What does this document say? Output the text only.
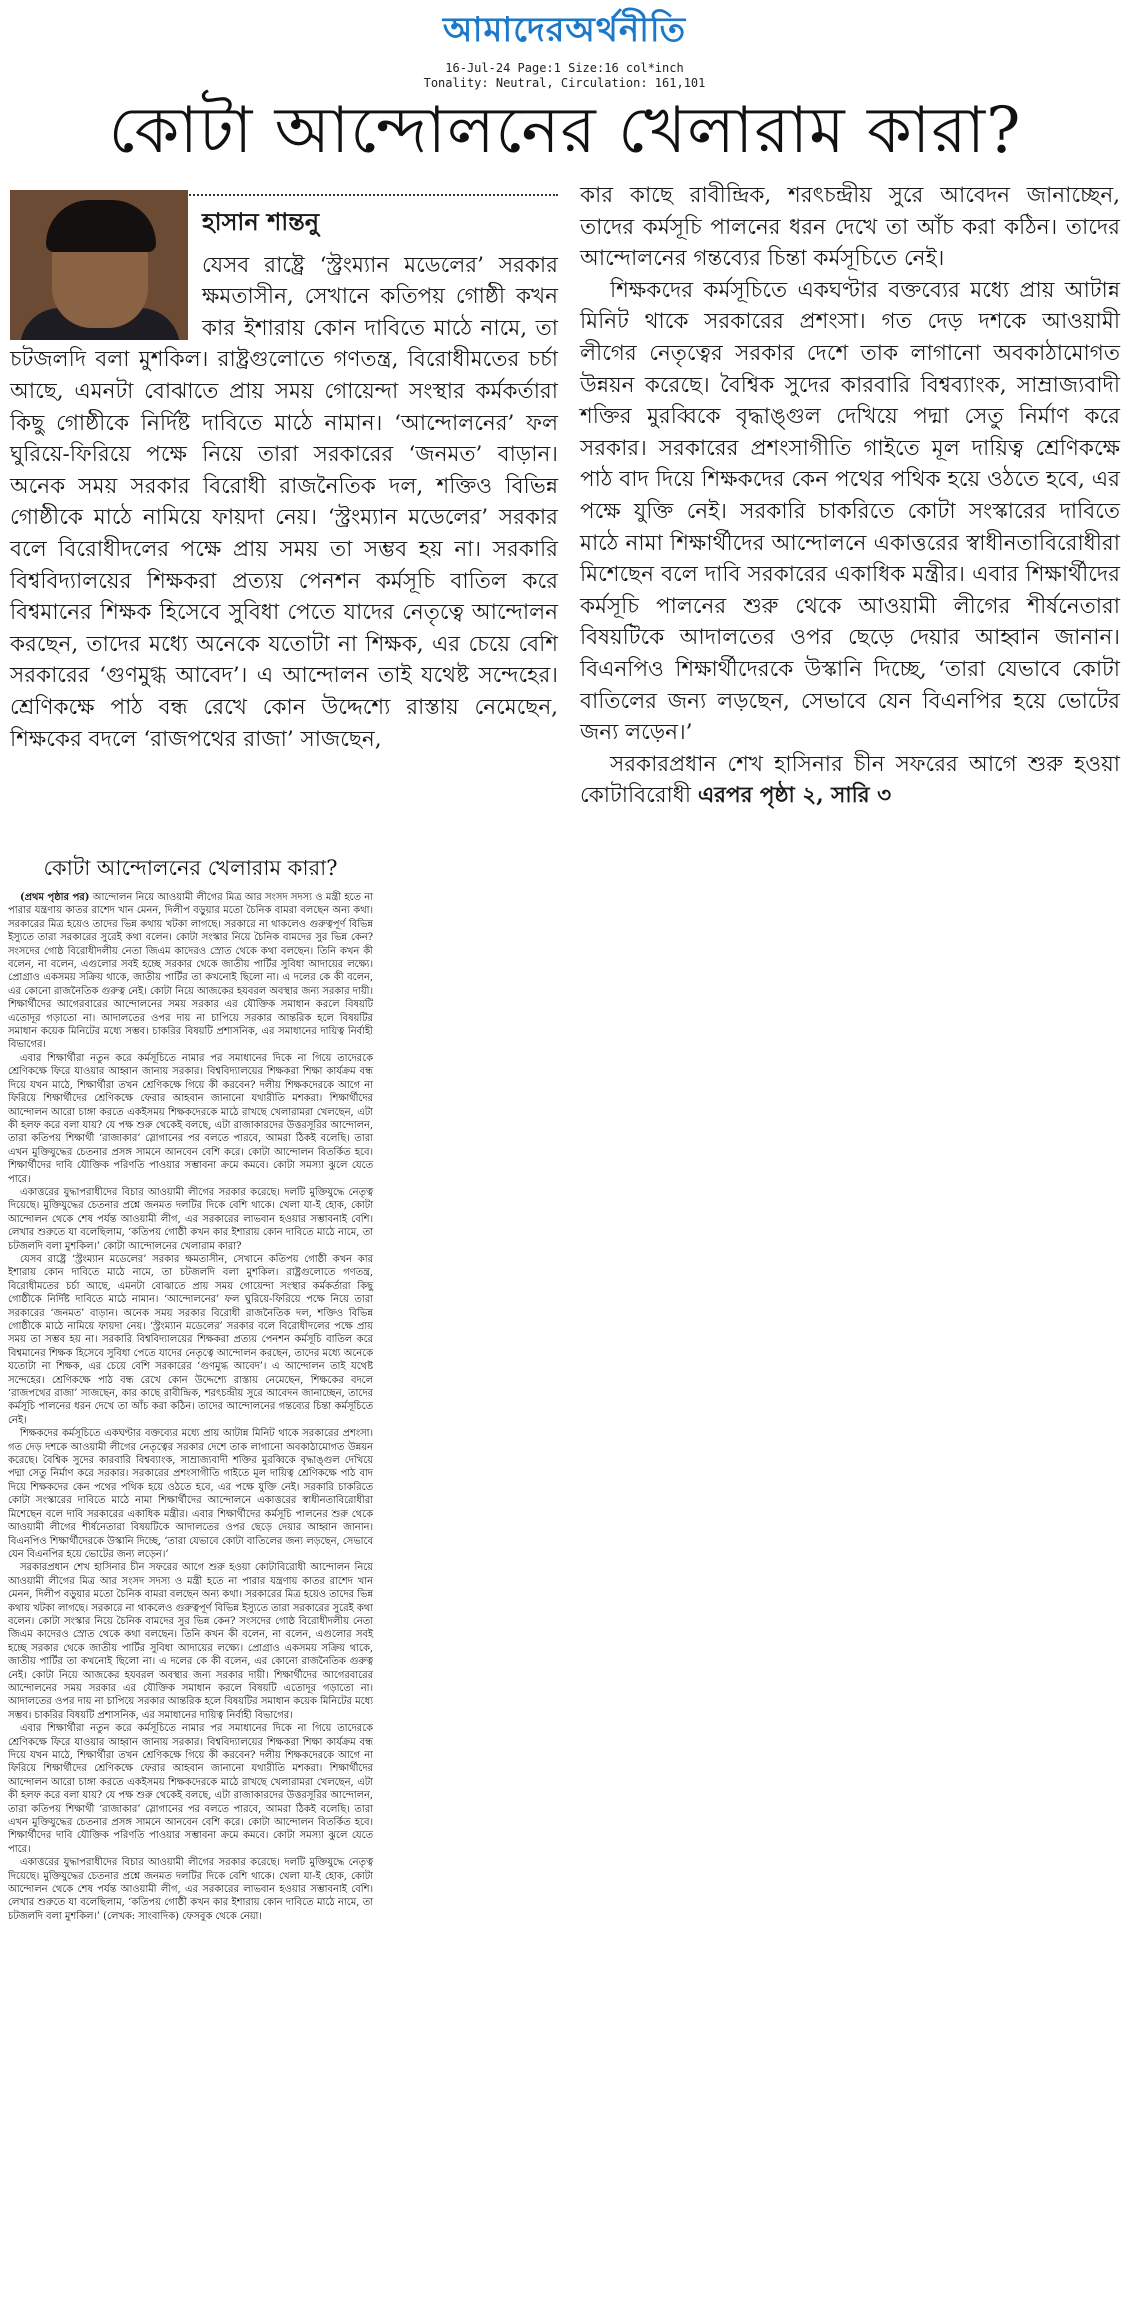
আমাদেরঅর্থনীতি
16-Jul-24 Page:1 Size:16 col*inch
Tonality: Neutral, Circulation: 161,101
কোটা আন্দোলনের খেলারাম কারা?
হাসান শান্তনু

যেসব রাষ্ট্রে ‘স্ট্রংম্যান মডেলের’ সরকার ক্ষমতাসীন, সেখানে কতিপয় গোষ্ঠী কখন কার ইশারায় কোন দাবিতে মাঠে নামে, তা চটজলদি বলা মুশকিল। রাষ্ট্রগুলোতে গণতন্ত্র, বিরোধীমতের চর্চা আছে, এমনটা বোঝাতে প্রায় সময় গোয়েন্দা সংস্থার কর্মকর্তারা কিছু গোষ্ঠীকে নির্দিষ্ট দাবিতে মাঠে নামান। ‘আন্দোলনের’ ফল ঘুরিয়ে-ফিরিয়ে পক্ষে নিয়ে তারা সরকারের ‘জনমত’ বাড়ান। অনেক সময় সরকার বিরোধী রাজনৈতিক দল, শক্তিও বিভিন্ন গোষ্ঠীকে মাঠে নামিয়ে ফায়দা নেয়। ‘স্ট্রংম্যান মডেলের’ সরকার বলে বিরোধীদলের পক্ষে প্রায় সময় তা সম্ভব হয় না। সরকারি বিশ্ববিদ্যালয়ের শিক্ষকরা প্রত্যয় পেনশন কর্মসূচি বাতিল করে বিশ্বমানের শিক্ষক হিসেবে সুবিধা পেতে যাদের নেতৃত্বে আন্দোলন করছেন, তাদের মধ্যে অনেকে যতোটা না শিক্ষক, এর চেয়ে বেশি সরকারের ‘গুণমুগ্ধ আবেদ’। এ আন্দোলন তাই যথেষ্ট সন্দেহের। শ্রেণিকক্ষে পাঠ বন্ধ রেখে কোন উদ্দেশ্যে রাস্তায় নেমেছেন, শিক্ষকের বদলে ‘রাজপথের রাজা’ সাজছেন,

কার কাছে রাবীন্দ্রিক, শরৎচন্দ্রীয় সুরে আবেদন জানাচ্ছেন, তাদের কর্মসূচি পালনের ধরন দেখে তা আঁচ করা কঠিন। তাদের আন্দোলনের গন্তব্যের চিন্তা কর্মসূচিতে নেই।

শিক্ষকদের কর্মসূচিতে একঘণ্টার বক্তব্যের মধ্যে প্রায় আটান্ন মিনিট থাকে সরকারের প্রশংসা। গত দেড় দশকে আওয়ামী লীগের নেতৃত্বের সরকার দেশে তাক লাগানো অবকাঠামোগত উন্নয়ন করেছে। বৈশ্বিক সুদের কারবারি বিশ্বব্যাংক, সাম্রাজ্যবাদী শক্তির মুরব্বিকে বৃদ্ধাঙ্গুল দেখিয়ে পদ্মা সেতু নির্মাণ করে সরকার। সরকারের প্রশংসাগীতি গাইতে মূল দায়িত্ব শ্রেণিকক্ষে পাঠ বাদ দিয়ে শিক্ষকদের কেন পথের পথিক হয়ে ওঠতে হবে, এর পক্ষে যুক্তি নেই। সরকারি চাকরিতে কোটা সংস্কারের দাবিতে মাঠে নামা শিক্ষার্থীদের আন্দোলনে একাত্তরের স্বাধীনতাবিরোধীরা মিশেছেন বলে দাবি সরকারের একাধিক মন্ত্রীর। এবার শিক্ষার্থীদের কর্মসূচি পালনের শুরু থেকে আওয়ামী লীগের শীর্ষনেতারা বিষয়টিকে আদালতের ওপর ছেড়ে দেয়ার আহ্বান জানান। বিএনপিও শিক্ষার্থীদেরকে উস্কানি দিচ্ছে, ‘তারা যেভাবে কোটা বাতিলের জন্য লড়ছেন, সেভাবে যেন বিএনপির হয়ে ভোটের জন্য লড়েন।’

সরকারপ্রধান শেখ হাসিনার চীন সফরের আগে শুরু হওয়া কোটাবিরোধী এরপর পৃষ্ঠা ২, সারি ৩

কোটা আন্দোলনের খেলারাম কারা?

(প্রথম পৃষ্ঠার পর) আন্দোলন নিয়ে আওয়ামী লীগের মিত্র আর সংসদ সদস্য ও মন্ত্রী হতে না পারার যন্ত্রণায় কাতর রাশেদ খান মেনন, দিলীপ বড়ুয়ার মতো চৈনিক বামরা বলছেন অন্য কথা। সরকারের মিত্র হয়েও তাদের ভিন্ন কথায় খটকা লাগছে। সরকারে না থাকলেও গুরুত্বপূর্ণ বিভিন্ন ইস্যুতে তারা সরকারের সুরেই কথা বলেন। কোটা সংস্কার নিয়ে চৈনিক বামদের সুর ভিন্ন কেন? সংসদের গোষ্ঠ বিরোধীদলীয় নেতা জিএম কাদেরও স্রোত থেকে কথা বলছেন। তিনি কখন কী বলেন, না বলেন, এগুলোর সবই হচ্ছে সরকার থেকে জাতীয় পার্টির সুবিধা আদায়ের লক্ষ্যে। প্রোগ্রাও একসময় সক্রিয় থাকে, জাতীয় পার্টির তা কখনোই ছিলো না। এ দলের কে কী বলেন, এর কোনো রাজনৈতিক গুরুত্ব নেই। কোটা নিয়ে আজকের হযবরল অবস্থার জন্য সরকার দায়ী। শিক্ষার্থীদের আগেরবারের আন্দোলনের সময় সরকার এর যৌক্তিক সমাধান করলে বিষয়টি এতোদূর গড়াতো না। আদালতের ওপর দায় না চাপিয়ে সরকার আন্তরিক হলে বিষয়টির সমাধান কয়েক মিনিটের মধ্যে সম্ভব। চাকরির বিষয়টি প্রশাসনিক, এর সমাধানের দায়িত্ব নির্বাহী বিভাগের।

এবার শিক্ষার্থীরা নতুন করে কর্মসূচিতে নামার পর সমাধানের দিকে না গিয়ে তাদেরকে শ্রেণিকক্ষে ফিরে যাওয়ার আহ্বান জানায় সরকার। বিশ্ববিদ্যালয়ের শিক্ষকরা শিক্ষা কার্যক্রম বন্ধ দিয়ে যখন মাঠে, শিক্ষার্থীরা তখন শ্রেণিকক্ষে গিয়ে কী করবেন? দলীয় শিক্ষকদেরকে আগে না ফিরিয়ে শিক্ষার্থীদের শ্রেণিকক্ষে ফেরার আহবান জানানো যথারীতি মশকরা। শিক্ষার্থীদের আন্দোলন আরো চাঙ্গা করতে একইসময় শিক্ষকদেরকে মাঠে রাখছে খেলারামরা খেলছেন, এটা কী হলফ করে বলা যায়? যে পক্ষ শুরু থেকেই বলছে, এটা রাজাকারদের উত্তরসূরির আন্দোলন, তারা কতিপয় শিক্ষার্থী ‘রাজাকার’ স্লোগানের পর বলতে পারবে, আমরা ঠিকই বলেছি। তারা এখন মুক্তিযুদ্ধের চেতনার প্রসঙ্গ সামনে আনবেন বেশি করে। কোটা আন্দোলন বিতর্কিত হবে। শিক্ষার্থীদের দাবি যৌক্তিক পরিণতি পাওয়ার সম্ভাবনা ক্রমে কমবে। কোটা সমস্যা ঝুলে যেতে পারে।

একাত্তরের যুদ্ধাপরাধীদের বিচার আওয়ামী লীগের সরকার করেছে। দলটি মুক্তিযুদ্ধে নেতৃত্ব দিয়েছে। মুক্তিযুদ্ধের চেতনার প্রশ্নে জনমত দলটির দিকে বেশি থাকে। খেলা যা-ই হোক, কোটা আন্দোলন থেকে শেষ পর্যন্ত আওয়ামী লীগ, এর সরকারের লাভবান হওয়ার সম্ভাবনাই বেশি। লেখার শুরুতে যা বলেছিলাম, ‘কতিপয় গোষ্ঠী কখন কার ইশারায় কোন দাবিতে মাঠে নামে, তা চটজলদি বলা মুশকিল।’ কোটা আন্দোলনের খেলারাম কারা?

যেসব রাষ্ট্রে ‘স্ট্রংম্যান মডেলের’ সরকার ক্ষমতাসীন, সেখানে কতিপয় গোষ্ঠী কখন কার ইশারায় কোন দাবিতে মাঠে নামে, তা চটজলদি বলা মুশকিল। রাষ্ট্রগুলোতে গণতন্ত্র, বিরোধীমতের চর্চা আছে, এমনটা বোঝাতে প্রায় সময় গোয়েন্দা সংস্থার কর্মকর্তারা কিছু গোষ্ঠীকে নির্দিষ্ট দাবিতে মাঠে নামান। ‘আন্দোলনের’ ফল ঘুরিয়ে-ফিরিয়ে পক্ষে নিয়ে তারা সরকারের ‘জনমত’ বাড়ান। অনেক সময় সরকার বিরোধী রাজনৈতিক দল, শক্তিও বিভিন্ন গোষ্ঠীকে মাঠে নামিয়ে ফায়দা নেয়। ‘স্ট্রংম্যান মডেলের’ সরকার বলে বিরোধীদলের পক্ষে প্রায় সময় তা সম্ভব হয় না। সরকারি বিশ্ববিদ্যালয়ের শিক্ষকরা প্রত্যয় পেনশন কর্মসূচি বাতিল করে বিশ্বমানের শিক্ষক হিসেবে সুবিধা পেতে যাদের নেতৃত্বে আন্দোলন করছেন, তাদের মধ্যে অনেকে যতোটা না শিক্ষক, এর চেয়ে বেশি সরকারের ‘গুণমুগ্ধ আবেদ’। এ আন্দোলন তাই যথেষ্ট সন্দেহের। শ্রেণিকক্ষে পাঠ বন্ধ রেখে কোন উদ্দেশ্যে রাস্তায় নেমেছেন, শিক্ষকের বদলে ‘রাজপথের রাজা’ সাজছেন, কার কাছে রাবীন্দ্রিক, শরৎচন্দ্রীয় সুরে আবেদন জানাচ্ছেন, তাদের কর্মসূচি পালনের ধরন দেখে তা আঁচ করা কঠিন। তাদের আন্দোলনের গন্তব্যের চিন্তা কর্মসূচিতে নেই।

শিক্ষকদের কর্মসূচিতে একঘণ্টার বক্তব্যের মধ্যে প্রায় আটান্ন মিনিট থাকে সরকারের প্রশংসা। গত দেড় দশকে আওয়ামী লীগের নেতৃত্বের সরকার দেশে তাক লাগানো অবকাঠামোগত উন্নয়ন করেছে। বৈশ্বিক সুদের কারবারি বিশ্বব্যাংক, সাম্রাজ্যবাদী শক্তির মুরব্বিকে বৃদ্ধাঙ্গুল দেখিয়ে পদ্মা সেতু নির্মাণ করে সরকার। সরকারের প্রশংসাগীতি গাইতে মূল দায়িত্ব শ্রেণিকক্ষে পাঠ বাদ দিয়ে শিক্ষকদের কেন পথের পথিক হয়ে ওঠতে হবে, এর পক্ষে যুক্তি নেই। সরকারি চাকরিতে কোটা সংস্কারের দাবিতে মাঠে নামা শিক্ষার্থীদের আন্দোলনে একাত্তরের স্বাধীনতাবিরোধীরা মিশেছেন বলে দাবি সরকারের একাধিক মন্ত্রীর। এবার শিক্ষার্থীদের কর্মসূচি পালনের শুরু থেকে আওয়ামী লীগের শীর্ষনেতারা বিষয়টিকে আদালতের ওপর ছেড়ে দেয়ার আহ্বান জানান। বিএনপিও শিক্ষার্থীদেরকে উস্কানি দিচ্ছে, ‘তারা যেভাবে কোটা বাতিলের জন্য লড়ছেন, সেভাবে যেন বিএনপির হয়ে ভোটের জন্য লড়েন।’

সরকারপ্রধান শেখ হাসিনার চীন সফরের আগে শুরু হওয়া কোটাবিরোধী আন্দোলন নিয়ে আওয়ামী লীগের মিত্র আর সংসদ সদস্য ও মন্ত্রী হতে না পারার যন্ত্রণায় কাতর রাশেদ খান মেনন, দিলীপ বড়ুয়ার মতো চৈনিক বামরা বলছেন অন্য কথা। সরকারের মিত্র হয়েও তাদের ভিন্ন কথায় খটকা লাগছে। সরকারে না থাকলেও গুরুত্বপূর্ণ বিভিন্ন ইস্যুতে তারা সরকারের সুরেই কথা বলেন। কোটা সংস্কার নিয়ে চৈনিক বামদের সুর ভিন্ন কেন? সংসদের গোষ্ঠ বিরোধীদলীয় নেতা জিএম কাদেরও স্রোত থেকে কথা বলছেন। তিনি কখন কী বলেন, না বলেন, এগুলোর সবই হচ্ছে সরকার থেকে জাতীয় পার্টির সুবিধা আদায়ের লক্ষ্যে। প্রোগ্রাও একসময় সক্রিয় থাকে, জাতীয় পার্টির তা কখনোই ছিলো না। এ দলের কে কী বলেন, এর কোনো রাজনৈতিক গুরুত্ব নেই। কোটা নিয়ে আজকের হযবরল অবস্থার জন্য সরকার দায়ী। শিক্ষার্থীদের আগেরবারের আন্দোলনের সময় সরকার এর যৌক্তিক সমাধান করলে বিষয়টি এতোদূর গড়াতো না। আদালতের ওপর দায় না চাপিয়ে সরকার আন্তরিক হলে বিষয়টির সমাধান কয়েক মিনিটের মধ্যে সম্ভব। চাকরির বিষয়টি প্রশাসনিক, এর সমাধানের দায়িত্ব নির্বাহী বিভাগের।

এবার শিক্ষার্থীরা নতুন করে কর্মসূচিতে নামার পর সমাধানের দিকে না গিয়ে তাদেরকে শ্রেণিকক্ষে ফিরে যাওয়ার আহ্বান জানায় সরকার। বিশ্ববিদ্যালয়ের শিক্ষকরা শিক্ষা কার্যক্রম বন্ধ দিয়ে যখন মাঠে, শিক্ষার্থীরা তখন শ্রেণিকক্ষে গিয়ে কী করবেন? দলীয় শিক্ষকদেরকে আগে না ফিরিয়ে শিক্ষার্থীদের শ্রেণিকক্ষে ফেরার আহবান জানানো যথারীতি মশকরা। শিক্ষার্থীদের আন্দোলন আরো চাঙ্গা করতে একইসময় শিক্ষকদেরকে মাঠে রাখছে খেলারামরা খেলছেন, এটা কী হলফ করে বলা যায়? যে পক্ষ শুরু থেকেই বলছে, এটা রাজাকারদের উত্তরসূরির আন্দোলন, তারা কতিপয় শিক্ষার্থী ‘রাজাকার’ স্লোগানের পর বলতে পারবে, আমরা ঠিকই বলেছি। তারা এখন মুক্তিযুদ্ধের চেতনার প্রসঙ্গ সামনে আনবেন বেশি করে। কোটা আন্দোলন বিতর্কিত হবে। শিক্ষার্থীদের দাবি যৌক্তিক পরিণতি পাওয়ার সম্ভাবনা ক্রমে কমবে। কোটা সমস্যা ঝুলে যেতে পারে।

একাত্তরের যুদ্ধাপরাধীদের বিচার আওয়ামী লীগের সরকার করেছে। দলটি মুক্তিযুদ্ধে নেতৃত্ব দিয়েছে। মুক্তিযুদ্ধের চেতনার প্রশ্নে জনমত দলটির দিকে বেশি থাকে। খেলা যা-ই হোক, কোটা আন্দোলন থেকে শেষ পর্যন্ত আওয়ামী লীগ, এর সরকারের লাভবান হওয়ার সম্ভাবনাই বেশি। লেখার শুরুতে যা বলেছিলাম, ‘কতিপয় গোষ্ঠী কখন কার ইশারায় কোন দাবিতে মাঠে নামে, তা চটজলদি বলা মুশকিল।’ (লেখক: সাংবাদিক) ফেসবুক থেকে নেয়া।
